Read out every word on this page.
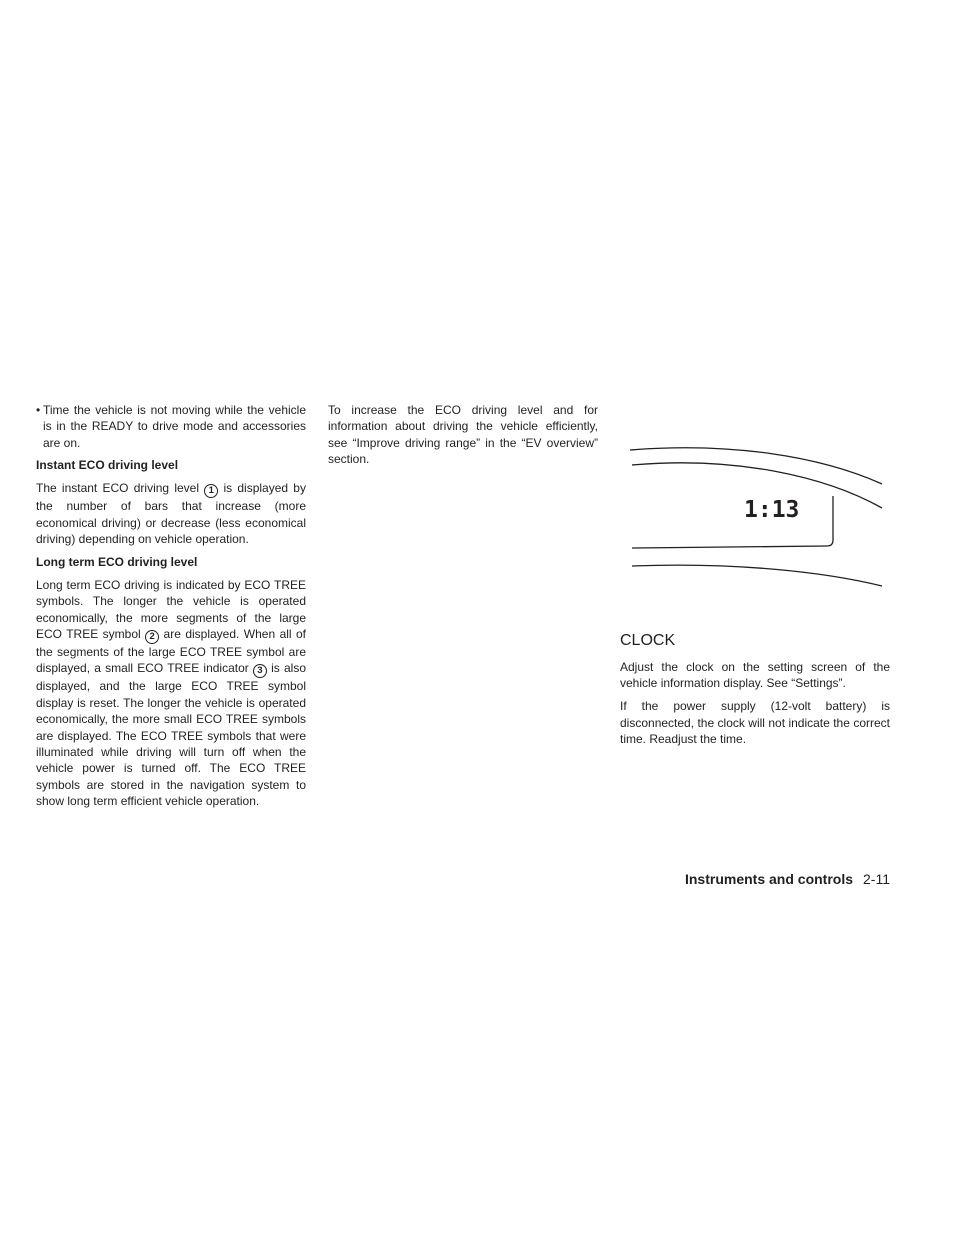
• Time the vehicle is not moving while the vehicle is in the READY to drive mode and accessories are on.
Instant ECO driving level

The instant ECO driving level 1 is displayed by the number of bars that increase (more economical driving) or decrease (less economical driving) depending on vehicle operation.

Long term ECO driving level

Long term ECO driving is indicated by ECO TREE symbols. The longer the vehicle is operated economically, the more segments of the large ECO TREE symbol 2 are displayed. When all of the segments of the large ECO TREE symbol are displayed, a small ECO TREE indicator 3 is also displayed, and the large ECO TREE symbol display is reset. The longer the vehicle is operated economically, the more small ECO TREE symbols are displayed. The ECO TREE symbols that were illuminated while driving will turn off when the vehicle power is turned off. The ECO TREE symbols are stored in the navigation system to show long term efficient vehicle operation.

To increase the ECO driving level and for information about driving the vehicle efficiently, see “Improve driving range” in the “EV overview” section.

1:13
CLOCK

Adjust the clock on the setting screen of the vehicle information display. See “Settings”.

If the power supply (12-volt battery) is disconnected, the clock will not indicate the correct time. Readjust the time.

Instruments and controls 2-11
